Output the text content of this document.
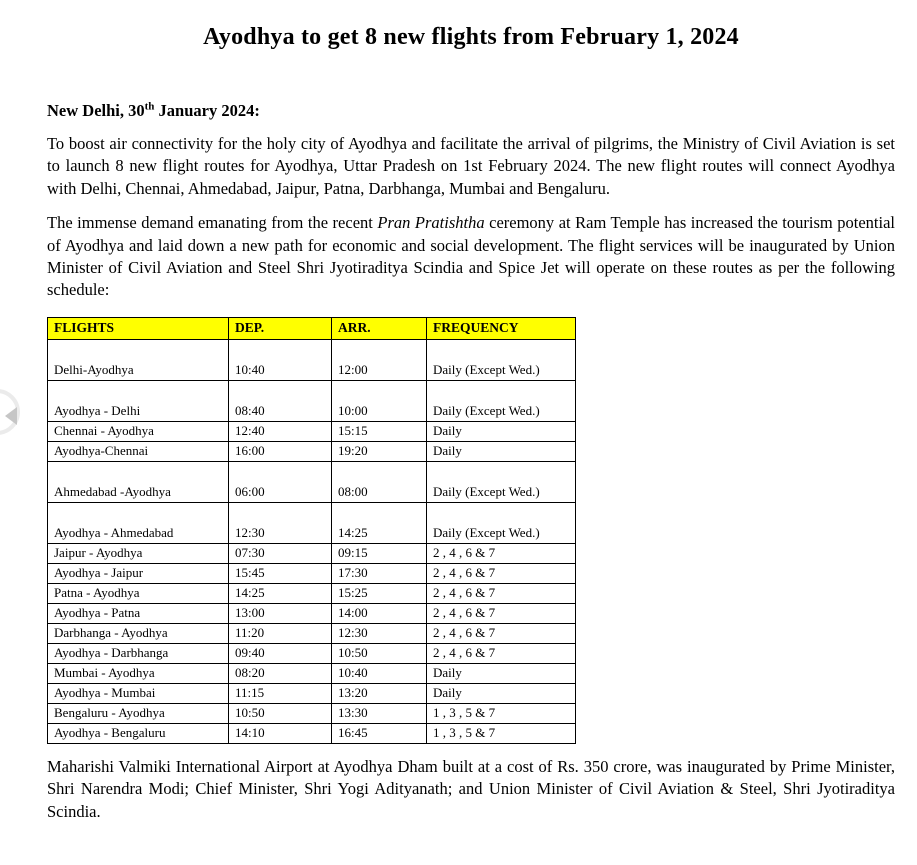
Ayodhya to get 8 new flights from February 1, 2024
New Delhi, 30th January 2024:

To boost air connectivity for the holy city of Ayodhya and facilitate the arrival of pilgrims, the Ministry of Civil Aviation is set to launch 8 new flight routes for Ayodhya, Uttar Pradesh on 1st February 2024. The new flight routes will connect Ayodhya with Delhi, Chennai, Ahmedabad, Jaipur, Patna, Darbhanga, Mumbai and Bengaluru.

The immense demand emanating from the recent Pran Pratishtha ceremony at Ram Temple has increased the tourism potential of Ayodhya and laid down a new path for economic and social development. The flight services will be inaugurated by Union Minister of Civil Aviation and Steel Shri Jyotiraditya Scindia and Spice Jet will operate on these routes as per the following schedule:

FLIGHTS	DEP.	ARR.	FREQUENCY
Delhi-Ayodhya	10:40	12:00	Daily (Except Wed.)
Ayodhya - Delhi	08:40	10:00	Daily (Except Wed.)
Chennai - Ayodhya	12:40	15:15	Daily
Ayodhya-Chennai	16:00	19:20	Daily
Ahmedabad -Ayodhya	06:00	08:00	Daily (Except Wed.)
Ayodhya - Ahmedabad	12:30	14:25	Daily (Except Wed.)
Jaipur - Ayodhya	07:30	09:15	2 , 4 , 6 & 7
Ayodhya - Jaipur	15:45	17:30	2 , 4 , 6 & 7
Patna - Ayodhya	14:25	15:25	2 , 4 , 6 & 7
Ayodhya - Patna	13:00	14:00	2 , 4 , 6 & 7
Darbhanga - Ayodhya	11:20	12:30	2 , 4 , 6 & 7
Ayodhya - Darbhanga	09:40	10:50	2 , 4 , 6 & 7
Mumbai - Ayodhya	08:20	10:40	Daily
Ayodhya - Mumbai	11:15	13:20	Daily
Bengaluru - Ayodhya	10:50	13:30	1 , 3 , 5 & 7
Ayodhya - Bengaluru	14:10	16:45	1 , 3 , 5 & 7

Maharishi Valmiki International Airport at Ayodhya Dham built at a cost of Rs. 350 crore, was inaugurated by Prime Minister, Shri Narendra Modi; Chief Minister, Shri Yogi Adityanath; and Union Minister of Civil Aviation & Steel, Shri Jyotiraditya Scindia.
